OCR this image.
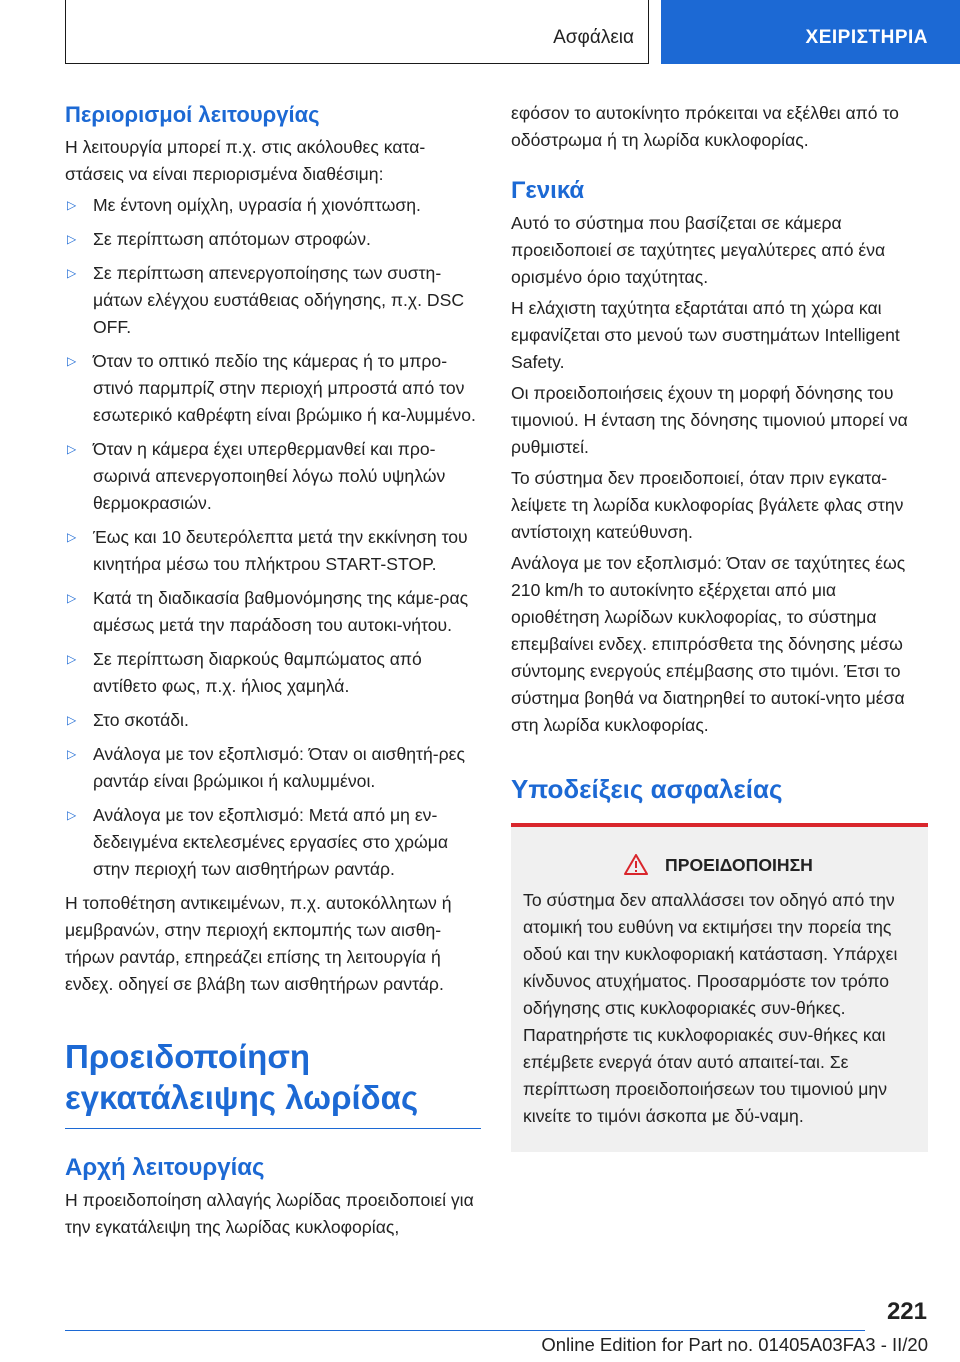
Ασφάλεια	ΧΕΙΡΙΣΤΗΡΙΑ
Περιορισμοί λειτουργίας

Η λειτουργία μπορεί π.χ. στις ακόλουθες κατα-στάσεις να είναι περιορισμένα διαθέσιμη:

▷ Με έντονη ομίχλη, υγρασία ή χιονόπτωση.
▷ Σε περίπτωση απότομων στροφών.
▷ Σε περίπτωση απενεργοποίησης των συστη-μάτων ελέγχου ευστάθειας οδήγησης, π.χ. DSC OFF.
▷ Όταν το οπτικό πεδίο της κάμερας ή το μπρο-στινό παρμπρίζ στην περιοχή μπροστά από τον εσωτερικό καθρέφτη είναι βρώμικο ή κα-λυμμένο.
▷ Όταν η κάμερα έχει υπερθερμανθεί και προ-σωρινά απενεργοποιηθεί λόγω πολύ υψηλών θερμοκρασιών.
▷ Έως και 10 δευτερόλεπτα μετά την εκκίνηση του κινητήρα μέσω του πλήκτρου START-STOP.
▷ Κατά τη διαδικασία βαθμονόμησης της κάμε-ρας αμέσως μετά την παράδοση του αυτοκι-νήτου.
▷ Σε περίπτωση διαρκούς θαμπώματος από αντίθετο φως, π.χ. ήλιος χαμηλά.
▷ Στο σκοτάδι.
▷ Ανάλογα με τον εξοπλισμό: Όταν οι αισθητή-ρες ραντάρ είναι βρώμικοι ή καλυμμένοι.
▷ Ανάλογα με τον εξοπλισμό: Μετά από μη εν-δεδειγμένα εκτελεσμένες εργασίες στο χρώμα στην περιοχή των αισθητήρων ραντάρ.

Η τοποθέτηση αντικειμένων, π.χ. αυτοκόλλητων ή μεμβρανών, στην περιοχή εκπομπής των αισθη-τήρων ραντάρ, επηρεάζει επίσης τη λειτουργία ή ενδεχ. οδηγεί σε βλάβη των αισθητήρων ραντάρ.

Προειδοποίηση εγκατάλειψης λωρίδας
Αρχή λειτουργίας

Η προειδοποίηση αλλαγής λωρίδας προειδοποιεί για την εγκατάλειψη της λωρίδας κυκλοφορίας,

εφόσον το αυτοκίνητο πρόκειται να εξέλθει από το οδόστρωμα ή τη λωρίδα κυκλοφορίας.

Γενικά

Αυτό το σύστημα που βασίζεται σε κάμερα προειδοποιεί σε ταχύτητες μεγαλύτερες από ένα ορισμένο όριο ταχύτητας.

Η ελάχιστη ταχύτητα εξαρτάται από τη χώρα και εμφανίζεται στο μενού των συστημάτων Intelligent Safety.

Οι προειδοποιήσεις έχουν τη μορφή δόνησης του τιμονιού. Η ένταση της δόνησης τιμονιού μπορεί να ρυθμιστεί.

Το σύστημα δεν προειδοποιεί, όταν πριν εγκατα-λείψετε τη λωρίδα κυκλοφορίας βγάλετε φλας στην αντίστοιχη κατεύθυνση.

Ανάλογα με τον εξοπλισμό: Όταν σε ταχύτητες έως 210 km/h το αυτοκίνητο εξέρχεται από μια οριοθέτηση λωρίδων κυκλοφορίας, το σύστημα επεμβαίνει ενδεχ. επιπρόσθετα της δόνησης μέσω σύντομης ενεργούς επέμβασης στο τιμόνι. Έτσι το σύστημα βοηθά να διατηρηθεί το αυτοκί-νητο μέσα στη λωρίδα κυκλοφορίας.

Υποδείξεις ασφαλείας
ΠΡΟΕΙΔΟΠΟΙΗΣΗ

Το σύστημα δεν απαλλάσσει τον οδηγό από την ατομική του ευθύνη να εκτιμήσει την πορεία της οδού και την κυκλοφοριακή κατάσταση. Υπάρχει κίνδυνος ατυχήματος. Προσαρμόστε τον τρόπο οδήγησης στις κυκλοφοριακές συν-θήκες. Παρατηρήστε τις κυκλοφοριακές συν-θήκες και επέμβετε ενεργά όταν αυτό απαιτεί-ται. Σε περίπτωση προειδοποιήσεων του τιμονιού μην κινείτε το τιμόνι άσκοπα με δύ-ναμη.

221
Online Edition for Part no. 01405A03FA3 - II/20
